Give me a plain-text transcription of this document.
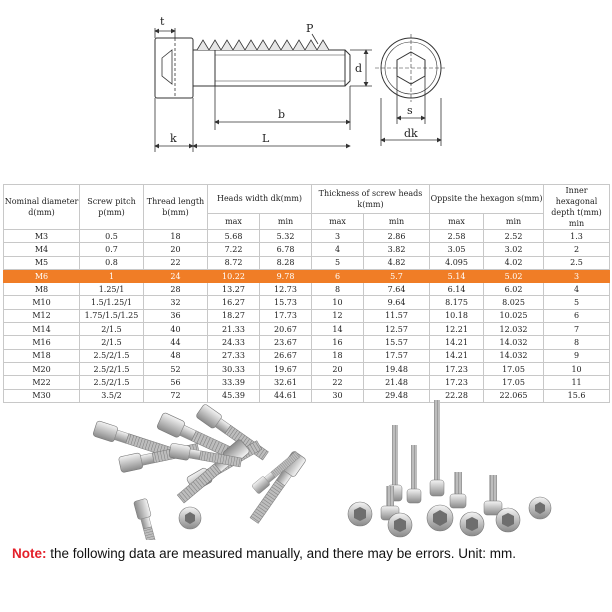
t
P
d
b
k	L
s
dk
Nominal diameter d(mm)	Screw pitch p(mm)	Thread length b(mm)	Heads width dk(mm)		Thickness of screw heads k(mm)		Oppsite the hexagon s(mm)		Inner hexagonal depth t(mm) min
			max	min	max	min	max	min	
M3	0.5	18	5.68	5.32	3	2.86	2.58	2.52	1.3
M4	0.7	20	7.22	6.78	4	3.82	3.05	3.02	2
M5	0.8	22	8.72	8.28	5	4.82	4.095	4.02	2.5
M6	1	24	10.22	9.78	6	5.7	5.14	5.02	3
M8	1.25/1	28	13.27	12.73	8	7.64	6.14	6.02	4
M10	1.5/1.25/1	32	16.27	15.73	10	9.64	8.175	8.025	5
M12	1.75/1.5/1.25	36	18.27	17.73	12	11.57	10.18	10.025	6
M14	2/1.5	40	21.33	20.67	14	12.57	12.21	12.032	7
M16	2/1.5	44	24.33	23.67	16	15.57	14.21	14.032	8
M18	2.5/2/1.5	48	27.33	26.67	18	17.57	14.21	14.032	9
M20	2.5/2/1.5	52	30.33	19.67	20	19.48	17.23	17.05	10
M22	2.5/2/1.5	56	33.39	32.61	22	21.48	17.23	17.05	11
M30	3.5/2	72	45.39	44.61	30	29.48	22.28	22.065	15.6
Note: the following data are measured manually, and there may be errors. Unit: mm.
